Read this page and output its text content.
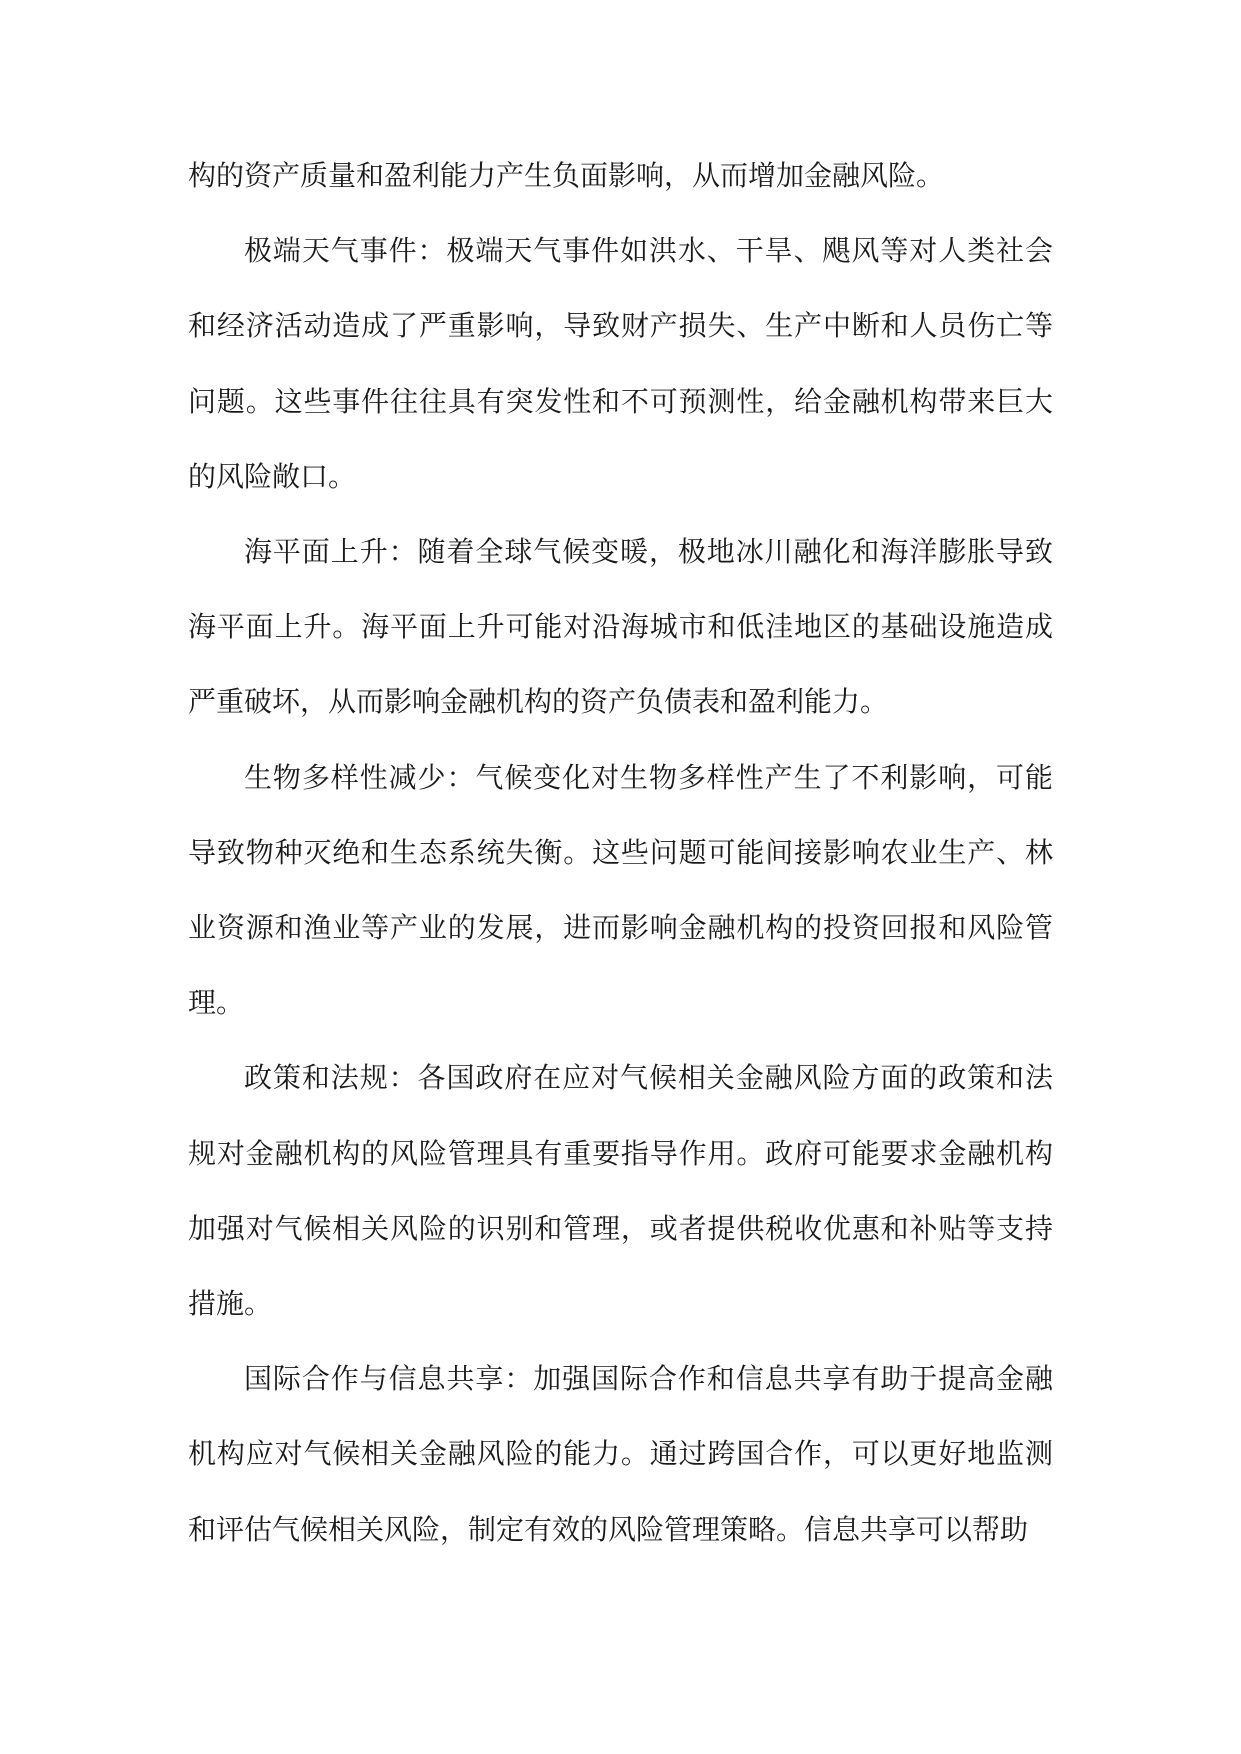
构的资产质量和盈利能力产生负面影响，从而增加金融风险。

极端天气事件：极端天气事件如洪水、干旱、飓风等对人类社会和经济活动造成了严重影响，导致财产损失、生产中断和人员伤亡等问题。这些事件往往具有突发性和不可预测性，给金融机构带来巨大的风险敞口。

海平面上升：随着全球气候变暖，极地冰川融化和海洋膨胀导致海平面上升。海平面上升可能对沿海城市和低洼地区的基础设施造成严重破坏，从而影响金融机构的资产负债表和盈利能力。

生物多样性减少：气候变化对生物多样性产生了不利影响，可能导致物种灭绝和生态系统失衡。这些问题可能间接影响农业生产、林业资源和渔业等产业的发展，进而影响金融机构的投资回报和风险管理。

政策和法规：各国政府在应对气候相关金融风险方面的政策和法规对金融机构的风险管理具有重要指导作用。政府可能要求金融机构加强对气候相关风险的识别和管理，或者提供税收优惠和补贴等支持措施。

国际合作与信息共享：加强国际合作和信息共享有助于提高金融机构应对气候相关金融风险的能力。通过跨国合作，可以更好地监测和评估气候相关风险，制定有效的风险管理策略。信息共享可以帮助
